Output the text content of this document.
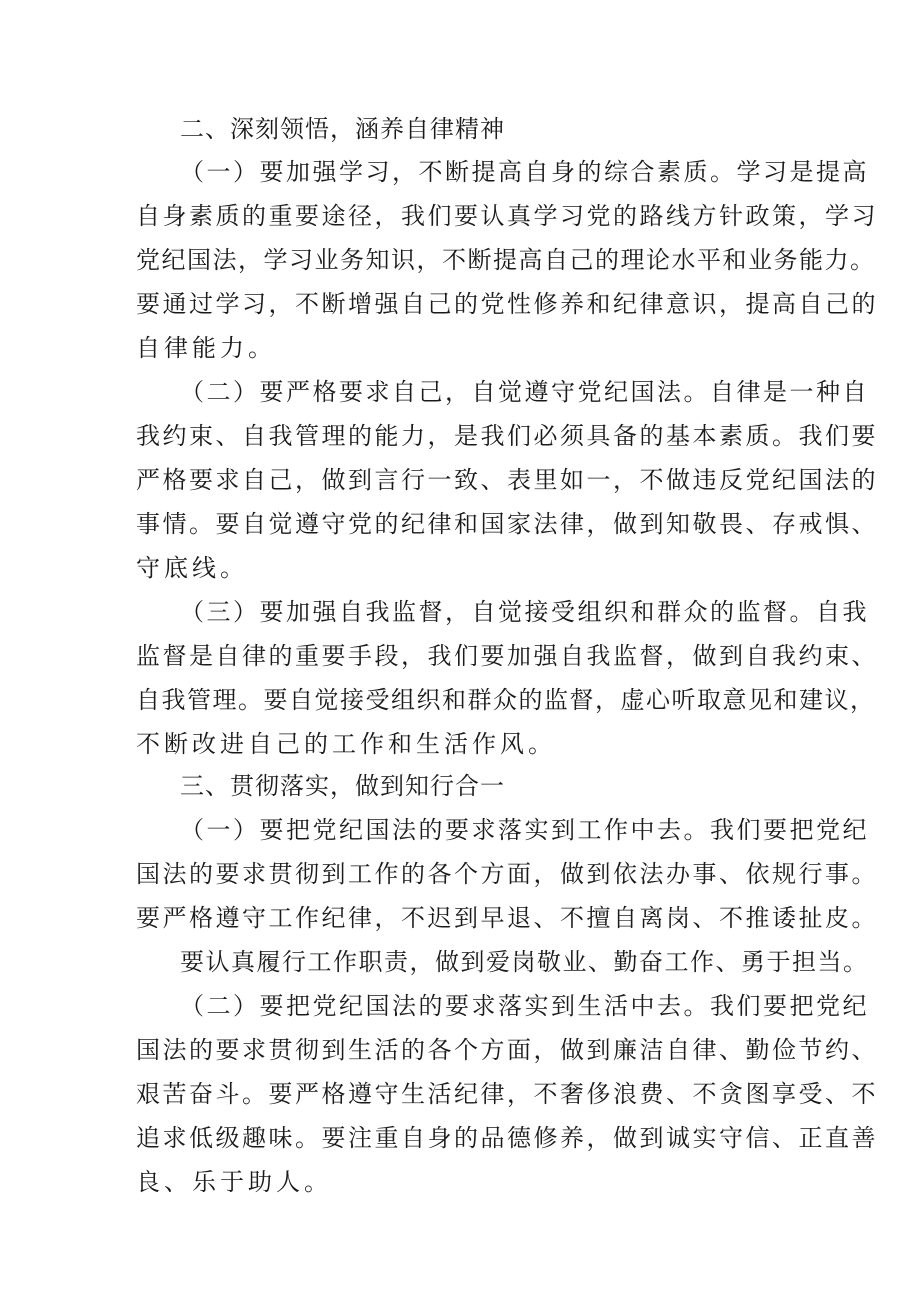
二、深刻领悟，涵养自律精神
（一）要加强学习，不断提高自身的综合素质。学习是提高
自身素质的重要途径，我们要认真学习党的路线方针政策，学习
党纪国法，学习业务知识，不断提高自己的理论水平和业务能力。
要通过学习，不断增强自己的党性修养和纪律意识，提高自己的
自律能力。
（二）要严格要求自己，自觉遵守党纪国法。自律是一种自
我约束、自我管理的能力，是我们必须具备的基本素质。我们要
严格要求自己，做到言行一致、表里如一，不做违反党纪国法的
事情。要自觉遵守党的纪律和国家法律，做到知敬畏、存戒惧、
守底线。
（三）要加强自我监督，自觉接受组织和群众的监督。自我
监督是自律的重要手段，我们要加强自我监督，做到自我约束、
自我管理。要自觉接受组织和群众的监督，虚心听取意见和建议，
不断改进自己的工作和生活作风。
三、贯彻落实，做到知行合一
（一）要把党纪国法的要求落实到工作中去。我们要把党纪
国法的要求贯彻到工作的各个方面，做到依法办事、依规行事。
要严格遵守工作纪律，不迟到早退、不擅自离岗、不推诿扯皮。
要认真履行工作职责，做到爱岗敬业、勤奋工作、勇于担当。
（二）要把党纪国法的要求落实到生活中去。我们要把党纪
国法的要求贯彻到生活的各个方面，做到廉洁自律、勤俭节约、
艰苦奋斗。要严格遵守生活纪律，不奢侈浪费、不贪图享受、不
追求低级趣味。要注重自身的品德修养，做到诚实守信、正直善
良、乐于助人。
